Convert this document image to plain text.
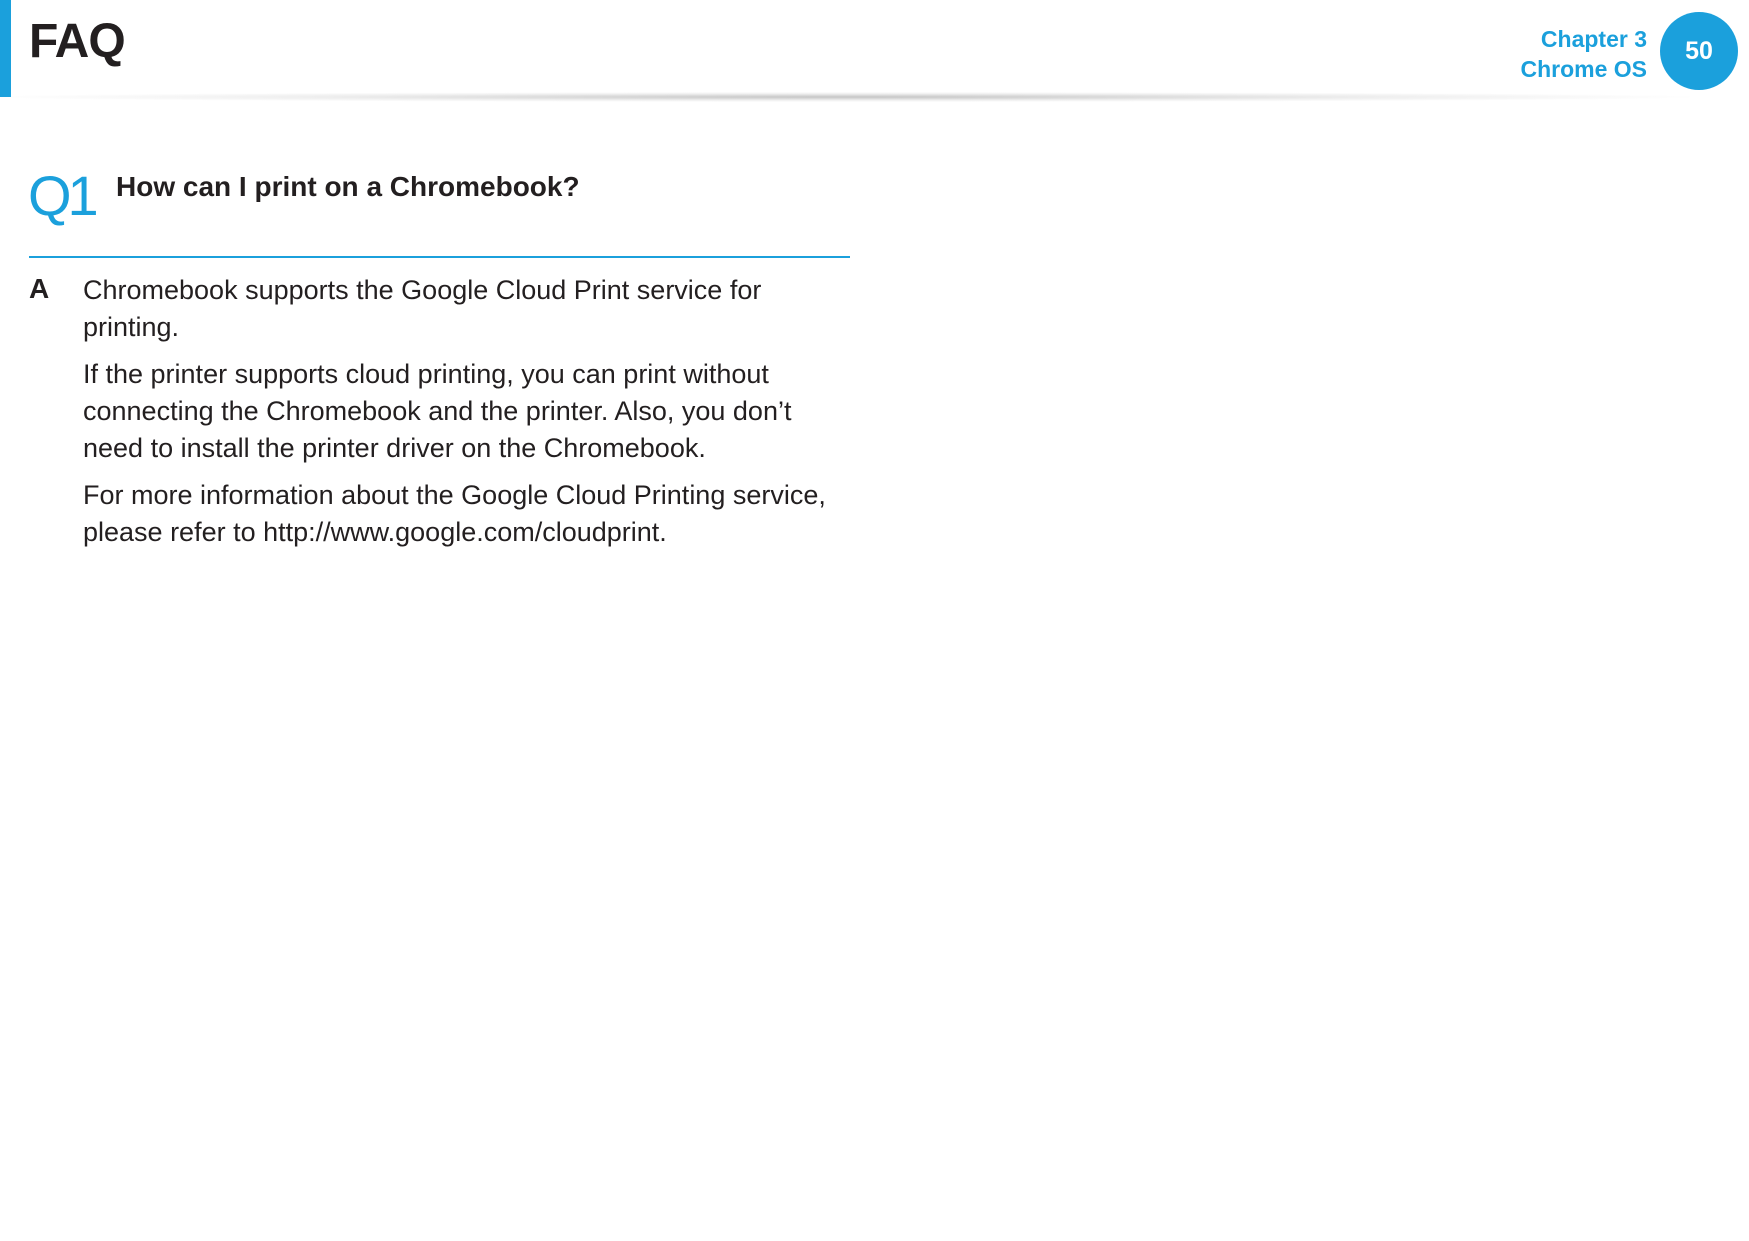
FAQ	Chapter 3
Chrome OS
50
Q1 How can I print on a Chromebook?
A Chromebook supports the Google Cloud Print service for printing.

If the printer supports cloud printing, you can print without connecting the Chromebook and the printer. Also, you don’t need to install the printer driver on the Chromebook.

For more information about the Google Cloud Printing service, please refer to http://www.google.com/cloudprint.
